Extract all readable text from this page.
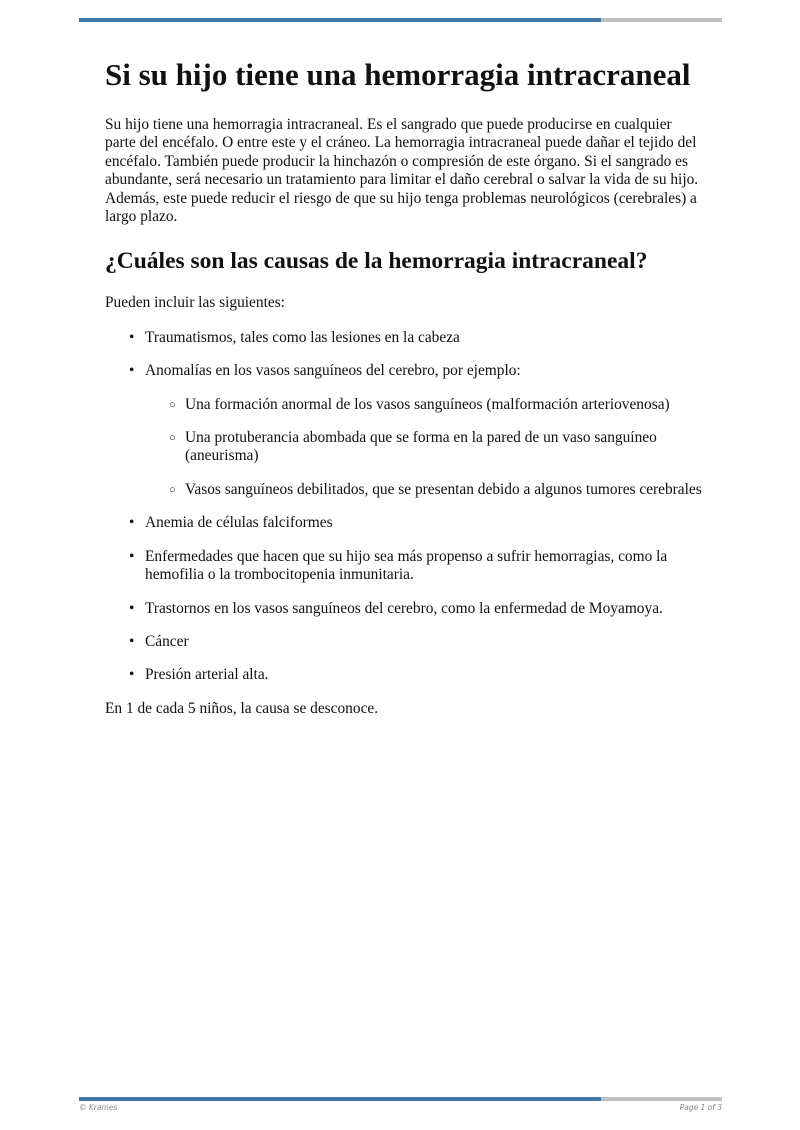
Si su hijo tiene una hemorragia intracraneal

Su hijo tiene una hemorragia intracraneal. Es el sangrado que puede producirse en cualquier parte del encéfalo. O entre este y el cráneo. La hemorragia intracraneal puede dañar el tejido del encéfalo. También puede producir la hinchazón o compresión de este órgano. Si el sangrado es abundante, será necesario un tratamiento para limitar el daño cerebral o salvar la vida de su hijo. Además, este puede reducir el riesgo de que su hijo tenga problemas neurológicos (cerebrales) a largo plazo.

¿Cuáles son las causas de la hemorragia intracraneal?

Pueden incluir las siguientes:

• Traumatismos, tales como las lesiones en la cabeza
• Anomalías en los vasos sanguíneos del cerebro, por ejemplo:
○ Una formación anormal de los vasos sanguíneos (malformación arteriovenosa)
○ Una protuberancia abombada que se forma en la pared de un vaso sanguíneo (aneurisma)
○ Vasos sanguíneos debilitados, que se presentan debido a algunos tumores cerebrales
• Anemia de células falciformes
• Enfermedades que hacen que su hijo sea más propenso a sufrir hemorragias, como la hemofilia o la trombocitopenia inmunitaria.
• Trastornos en los vasos sanguíneos del cerebro, como la enfermedad de Moyamoya.
• Cáncer
• Presión arterial alta.

En 1 de cada 5 niños, la causa se desconoce.

© Krames	Page 1 of 3
